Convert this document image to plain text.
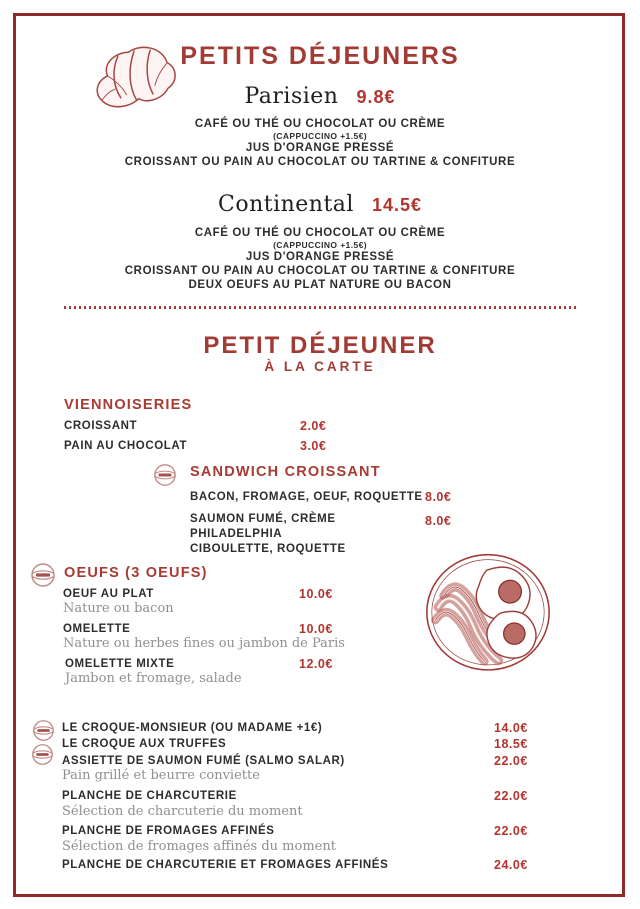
PETITS DÉJEUNERS
Parisien 9.8€
CAFÉ OU THÉ OU CHOCOLAT OU CRÈME
(CAPPUCCINO +1.5€)
JUS D'ORANGE PRESSÉ
CROISSANT OU PAIN AU CHOCOLAT OU TARTINE & CONFITURE
Continental 14.5€
CAFÉ OU THÉ OU CHOCOLAT OU CRÈME
(CAPPUCCINO +1.5€)
JUS D'ORANGE PRESSÉ
CROISSANT OU PAIN AU CHOCOLAT OU TARTINE & CONFITURE
DEUX OEUFS AU PLAT NATURE OU BACON
PETIT DÉJEUNER
À LA CARTE
VIENNOISERIES
CROISSANT	2.0€
PAIN AU CHOCOLAT	3.0€
SANDWICH CROISSANT
BACON, FROMAGE, OEUF, ROQUETTE 8.0€
SAUMON FUMÉ, CRÈME PHILADELPHIA
CIBOULETTE, ROQUETTE
8.0€
OEUFS (3 OEUFS)
OEUF AU PLAT	10.0€
Nature ou bacon
OMELETTE	10.0€
Nature ou herbes fines ou jambon de Paris
OMELETTE MIXTE	12.0€
Jambon et fromage, salade
LE CROQUE-MONSIEUR (OU MADAME +1€)	14.0€
LE CROQUE AUX TRUFFES	18.5€
ASSIETTE DE SAUMON FUMÉ (SALMO SALAR)	22.0€
Pain grillé et beurre conviette
PLANCHE DE CHARCUTERIE	22.0€
Sélection de charcuterie du moment
PLANCHE DE FROMAGES AFFINÉS	22.0€
Sélection de fromages affinés du moment
PLANCHE DE CHARCUTERIE ET FROMAGES AFFINÉS	24.0€
